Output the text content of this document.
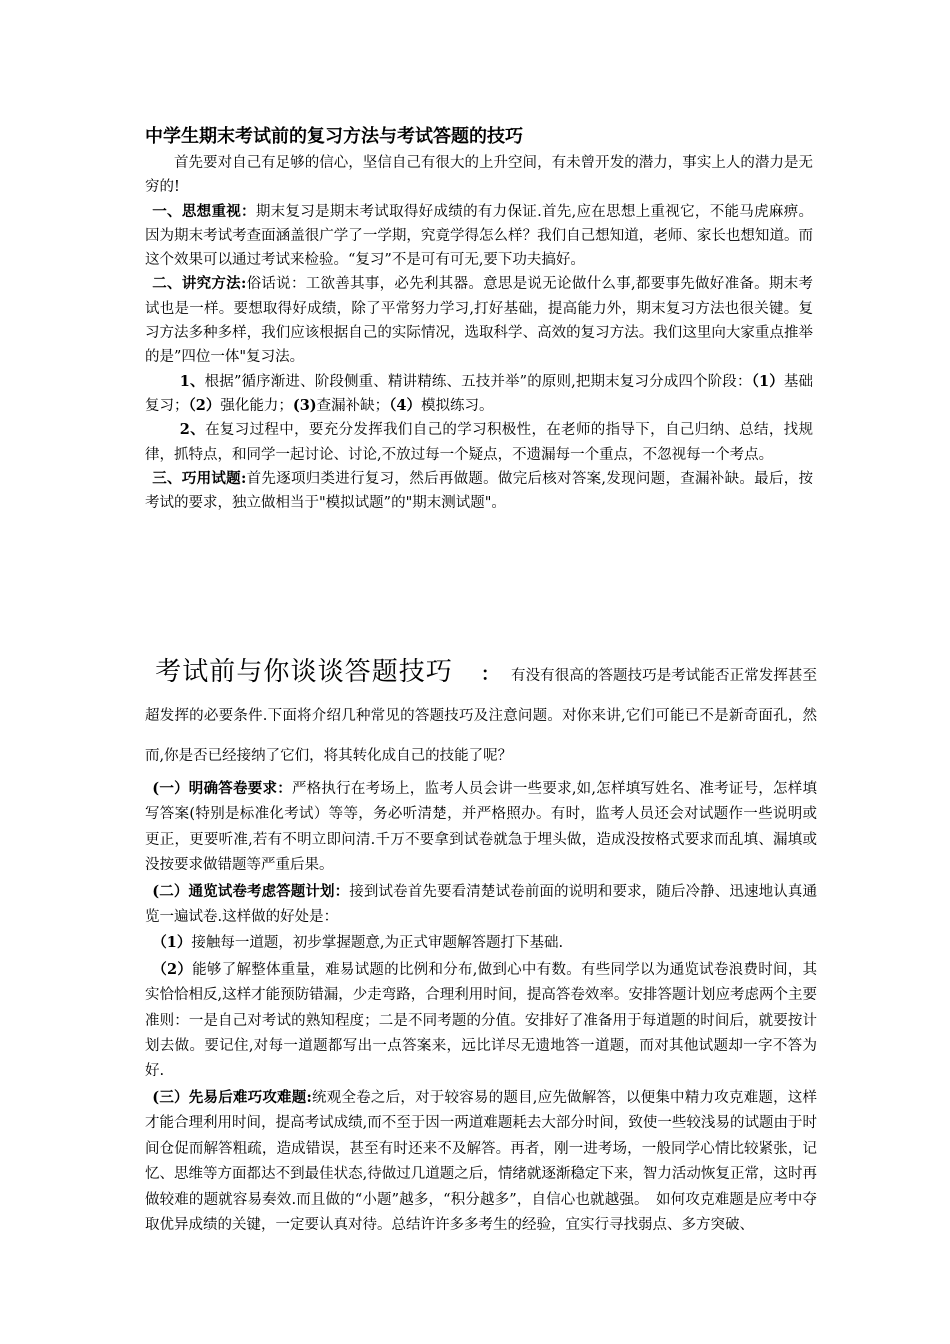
中学生期末考试前的复习方法与考试答题的技巧

首先要对自己有足够的信心，坚信自己有很大的上升空间，有未曾开发的潜力，事实上人的潜力是无穷的!

一、思想重视：期末复习是期末考试取得好成绩的有力保证.首先,应在思想上重视它，不能马虎麻痹。因为期末考试考查面涵盖很广学了一学期，究竟学得怎么样？我们自己想知道，老师、家长也想知道。而这个效果可以通过考试来检验。“复习”不是可有可无,要下功夫搞好。

二、讲究方法:俗话说：工欲善其事，必先利其器。意思是说无论做什么事,都要事先做好准备。期末考试也是一样。要想取得好成绩，除了平常努力学习,打好基础，提高能力外，期末复习方法也很关键。复习方法多种多样，我们应该根据自己的实际情况，选取科学、高效的复习方法。我们这里向大家重点推举的是”四位一体"复习法。

1、根据”循序渐进、阶段侧重、精讲精练、五技并举”的原则,把期末复习分成四个阶段：（1）基础复习；（2）强化能力；(3)查漏补缺；（4）模拟练习。

2、在复习过程中，要充分发挥我们自己的学习积极性，在老师的指导下，自己归纳、总结，找规律，抓特点，和同学一起讨论、讨论,不放过每一个疑点，不遗漏每一个重点，不忽视每一个考点。

三、巧用试题:首先逐项归类进行复习，然后再做题。做完后核对答案,发现问题，查漏补缺。最后，按考试的要求，独立做相当于"模拟试题”的"期末测试题"。

考试前与你谈谈答题技巧 ： 有没有很高的答题技巧是考试能否正常发挥甚至超发挥的必要条件.下面将介绍几种常见的答题技巧及注意问题。对你来讲,它们可能已不是新奇面孔，然而,你是否已经接纳了它们，将其转化成自己的技能了呢？

(一）明确答卷要求：严格执行在考场上，监考人员会讲一些要求,如,怎样填写姓名、准考证号，怎样填写答案(特别是标准化考试）等等，务必听清楚，并严格照办。有时，监考人员还会对试题作一些说明或更正，更要听准,若有不明立即问清.千万不要拿到试卷就急于埋头做，造成没按格式要求而乱填、漏填或没按要求做错题等严重后果。

(二）通览试卷考虑答题计划：接到试卷首先要看清楚试卷前面的说明和要求，随后冷静、迅速地认真通览一遍试卷.这样做的好处是：

（1）接触每一道题，初步掌握题意,为正式审题解答题打下基础.

（2）能够了解整体重量，难易试题的比例和分布,做到心中有数。有些同学以为通览试卷浪费时间，其实恰恰相反,这样才能预防错漏，少走弯路，合理利用时间，提高答卷效率。安排答题计划应考虑两个主要准则：一是自己对考试的熟知程度；二是不同考题的分值。安排好了准备用于每道题的时间后，就要按计划去做。要记住,对每一道题都写出一点答案来，远比详尽无遗地答一道题，而对其他试题却一字不答为好.

(三）先易后难巧攻难题:统观全卷之后，对于较容易的题目,应先做解答，以便集中精力攻克难题，这样才能合理利用时间，提高考试成绩,而不至于因一两道难题耗去大部分时间，致使一些较浅易的试题由于时间仓促而解答粗疏，造成错误，甚至有时还来不及解答。再者，刚一进考场，一般同学心情比较紧张，记忆、思维等方面都达不到最佳状态,待做过几道题之后，情绪就逐渐稳定下来，智力活动恢复正常，这时再做较难的题就容易奏效.而且做的“小题”越多，“积分越多”，自信心也就越强。　如何攻克难题是应考中夺取优异成绩的关键，一定要认真对待。总结许许多多考生的经验，宜实行寻找弱点、多方突破、
